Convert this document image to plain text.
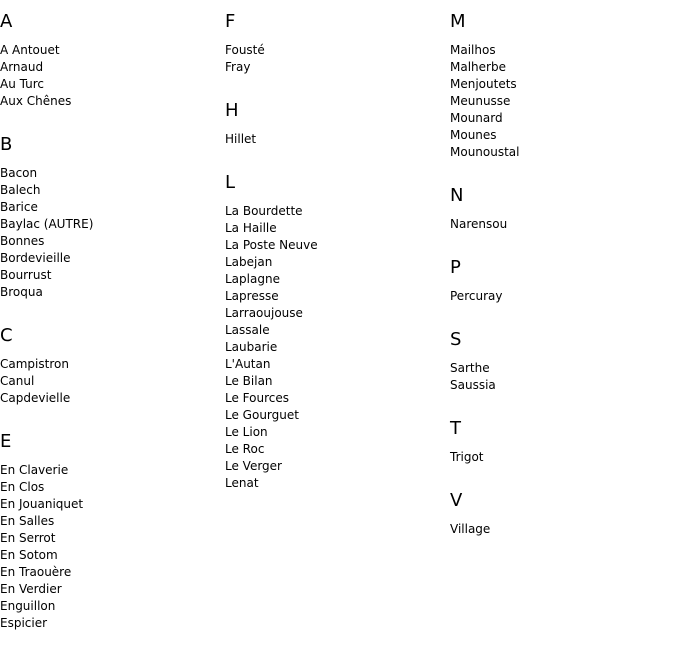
A
A Antouet
Arnaud
Au Turc
Aux Chênes
B
Bacon
Balech
Barice
Baylac (AUTRE)
Bonnes
Bordevieille
Bourrust
Broqua
C
Campistron
Canul
Capdevielle
E
En Claverie
En Clos
En Jouaniquet
En Salles
En Serrot
En Sotom
En Traouère
En Verdier
Enguillon
Espicier
F
Fousté
Fray
H
Hillet
L
La Bourdette
La Haille
La Poste Neuve
Labejan
Laplagne
Lapresse
Larraoujouse
Lassale
Laubarie
L'Autan
Le Bilan
Le Fources
Le Gourguet
Le Lion
Le Roc
Le Verger
Lenat
M
Mailhos
Malherbe
Menjoutets
Meunusse
Mounard
Mounes
Mounoustal
N
Narensou
P
Percuray
S
Sarthe
Saussia
T
Trigot
V
Village
